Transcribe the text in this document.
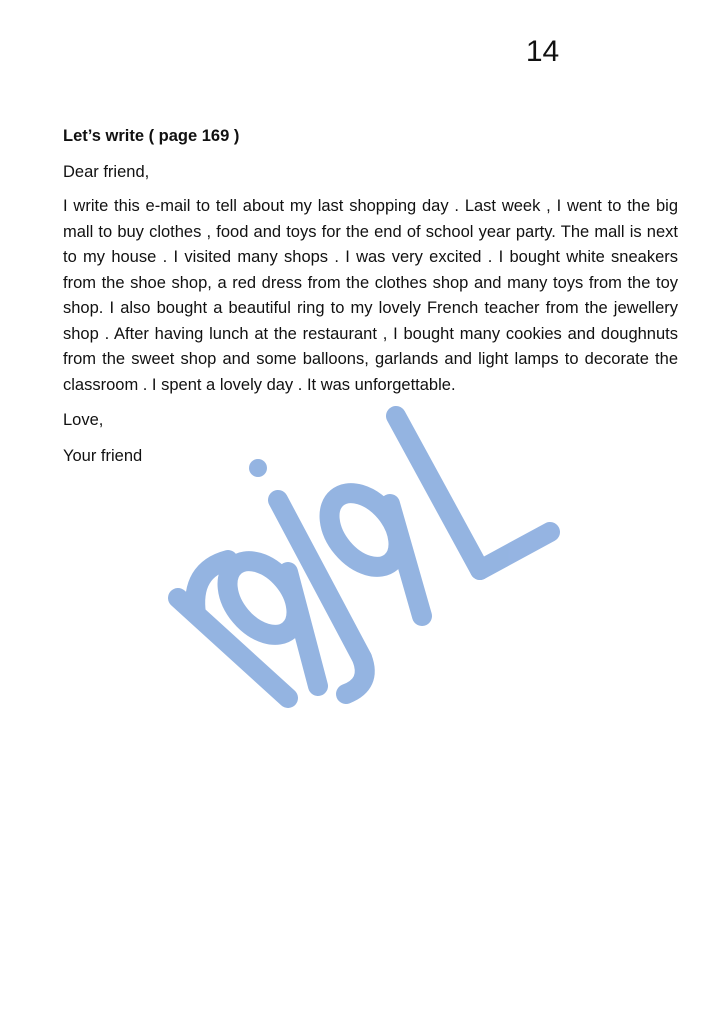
14

Let’s write ( page 169 )

Dear friend,

I write this e-mail to tell about my last shopping day . Last week , I went to the big mall to buy clothes , food and toys for the end of school year party. The mall is next to my house . I visited many shops . I was very excited . I bought white sneakers from the shoe shop, a red dress from the clothes shop and many toys from the toy shop. I also bought a beautiful ring to my lovely French teacher from the jewellery shop . After having lunch at the restaurant , I bought many cookies and doughnuts from the sweet shop and some balloons, garlands and light lamps to decorate the classroom . I spent a lovely day . It was unforgettable.

Love,

Your friend
